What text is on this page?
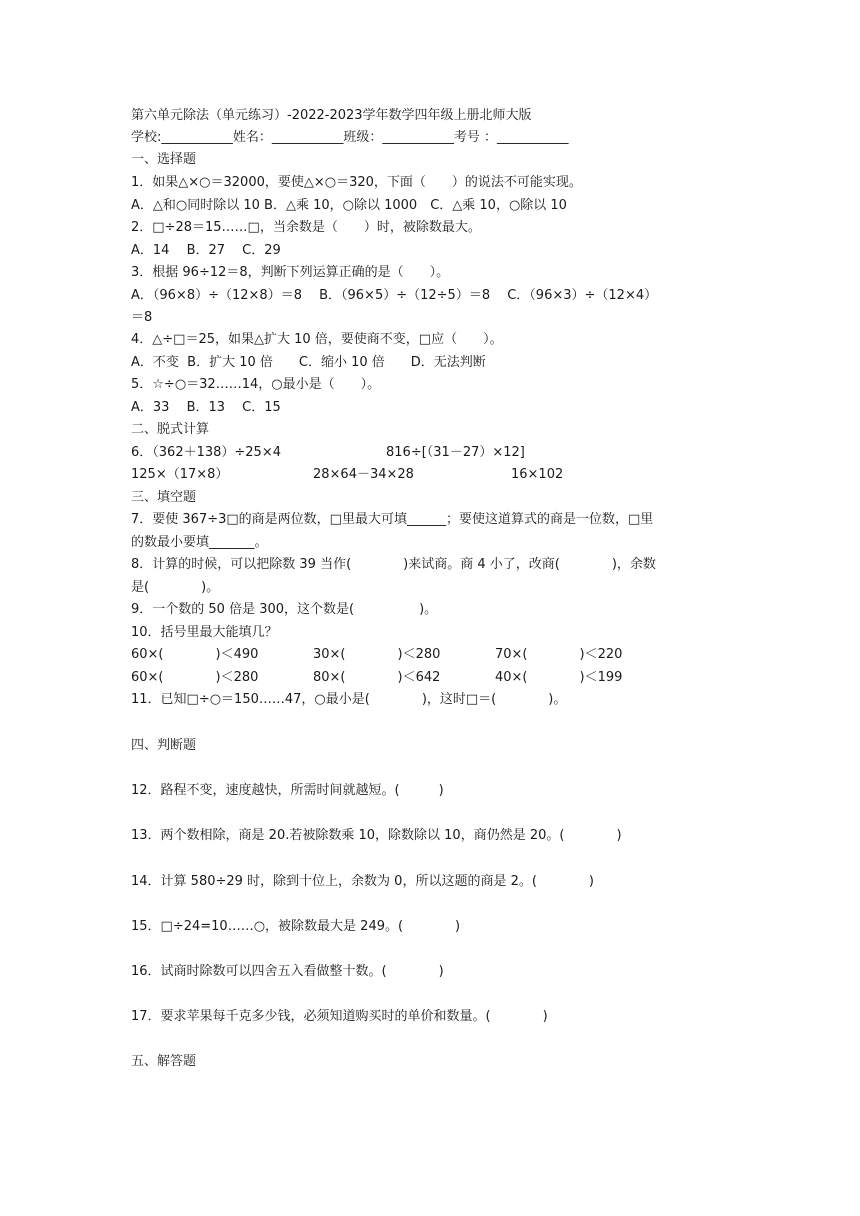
第六单元除法（单元练习）-2022-2023学年数学四年级上册北师大版
学校:___________姓名：___________班级：___________考号 ：___________
一、选择题
1．如果△×○＝32000，要使△×○＝320，下面（　　）的说法不可能实现。
A．△和○同时除以 10 B．△乘 10，○除以 1000　C．△乘 10，○除以 10
2．□÷28＝15……□，当余数是（　　）时，被除数最大。
A．14　 B．27　 C．29
3．根据 96÷12＝8，判断下列运算正确的是（　　）。
A．（96×8）÷（12×8）＝8　 B．（96×5）÷（12÷5）＝8　 C．（96×3）÷（12×4）
＝8
4．△÷□＝25，如果△扩大 10 倍，要使商不变，□应（　　）。
A．不变  B．扩大 10 倍　　C．缩小 10 倍　　D．无法判断
5．☆÷○＝32……14，○最小是（　　）。
A．33　 B．13　 C．15
二、脱式计算
6．（362＋138）÷25×4	816÷[（31－27）×12]
125×（17×8）	28×64－34×28	16×102
三、填空题
7．要使 367÷3□的商是两位数，□里最大可填______；要使这道算式的商是一位数，□里
的数最小要填_______。
8．计算的时候，可以把除数 39 当作(　　　　)来试商。商 4 小了，改商(　　　　)，余数
是(　　　　)。
9．一个数的 50 倍是 300，这个数是(　　　　　)。
10．括号里最大能填几？
60×(　　　　)＜490	30×(　　　　)＜280	70×(　　　　)＜220
60×(　　　　)＜280	80×(　　　　)＜642	40×(　　　　)＜199
11．已知□÷○＝150……47，○最小是(　　　　)，这时□＝(　　　　)。
四、判断题
12．路程不变，速度越快，所需时间就越短。(　　　)
13．两个数相除，商是 20.若被除数乘 10，除数除以 10，商仍然是 20。(　　　　)
14．计算 580÷29 时，除到十位上，余数为 0，所以这题的商是 2。(　　　　)
15．□÷24=10……○，被除数最大是 249。(　　　　)
16．试商时除数可以四舍五入看做整十数。(　　　　)
17．要求苹果每千克多少钱，必须知道购买时的单价和数量。(　　　　)
五、解答题
